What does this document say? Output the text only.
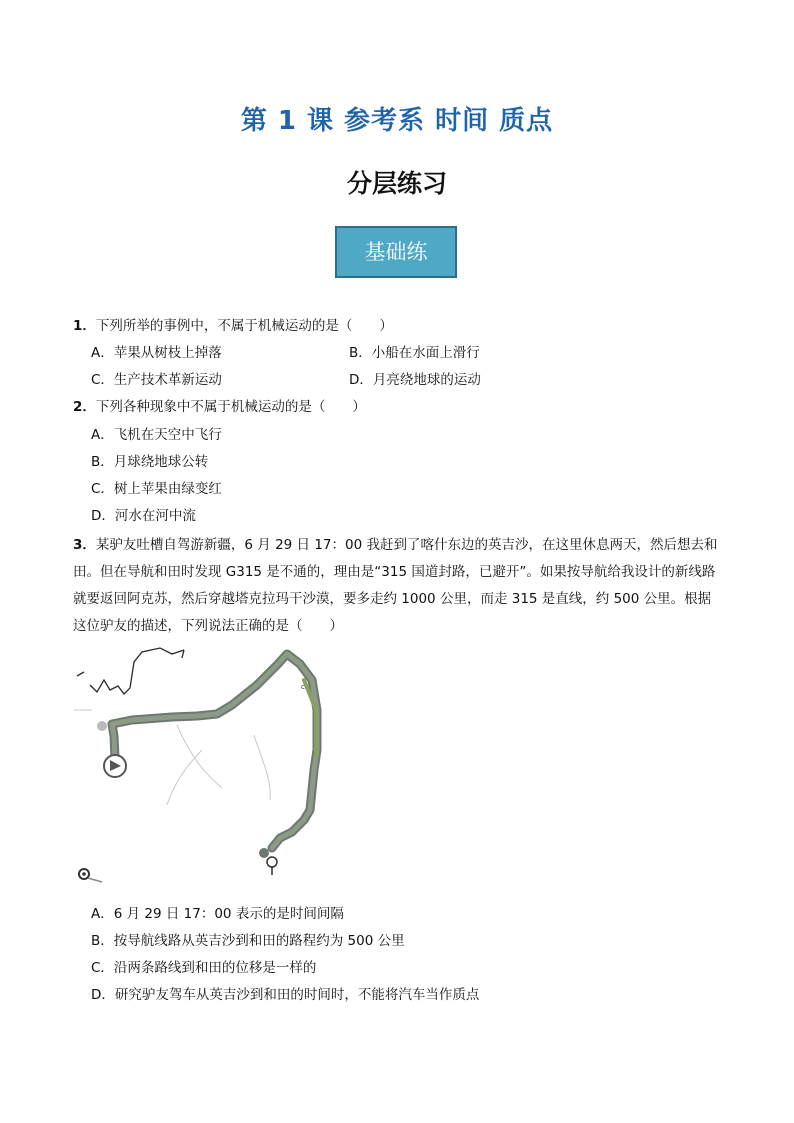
第 1 课 参考系 时间 质点
分层练习
基础练
1．下列所举的事例中，不属于机械运动的是（　　）
A．苹果从树枝上掉落	B．小船在水面上滑行
C．生产技术革新运动	D．月亮绕地球的运动
2．下列各种现象中不属于机械运动的是（　　）
A．飞机在天空中飞行
B．月球绕地球公转
C．树上苹果由绿变红
D．河水在河中流
3．某驴友吐槽自驾游新疆，6 月 29 日 17：00 我赶到了喀什东边的英吉沙，在这里休息两天，然后想去和田。但在导航和田时发现 G315 是不通的，理由是“315 国道封路，已避开”。如果按导航给我设计的新线路就要返回阿克苏，然后穿越塔克拉玛干沙漠，要多走约 1000 公里，而走 315 是直线，约 500 公里。根据这位驴友的描述，下列说法正确的是（　　）
c
A．6 月 29 日 17：00 表示的是时间间隔
B．按导航线路从英吉沙到和田的路程约为 500 公里
C．沿两条路线到和田的位移是一样的
D．研究驴友驾车从英吉沙到和田的时间时，不能将汽车当作质点
